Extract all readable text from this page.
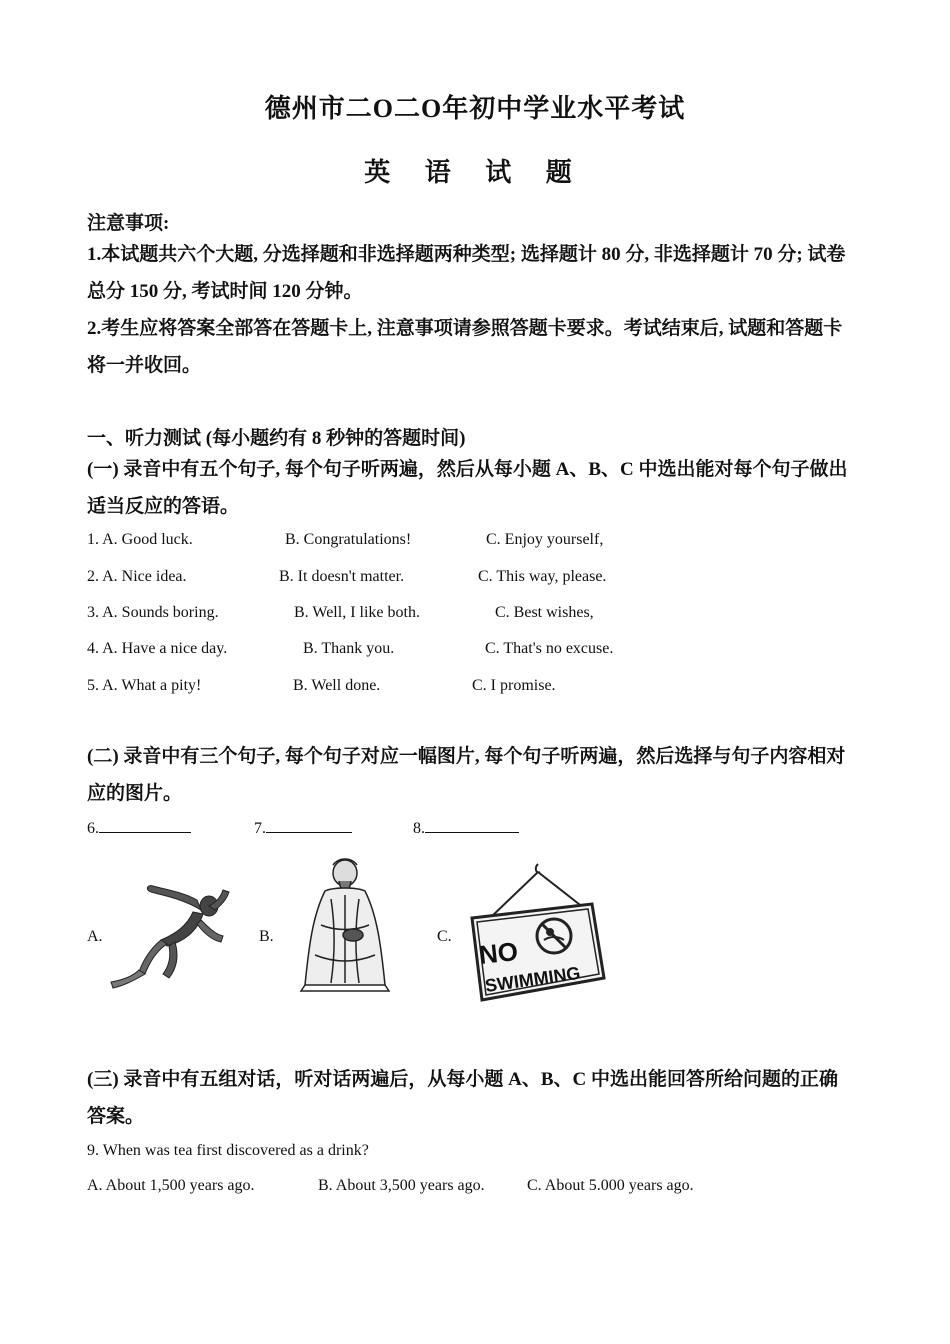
德州市二O二O年初中学业水平考试
英 语 试 题
注意事项:
1.本试题共六个大题, 分选择题和非选择题两种类型; 选择题计 80 分, 非选择题计 70 分; 试卷总分 150 分, 考试时间 120 分钟。
2.考生应将答案全部答在答题卡上, 注意事项请参照答题卡要求。考试结束后, 试题和答题卡将一并收回。
一、听力测试 (每小题约有 8 秒钟的答题时间)
(一) 录音中有五个句子, 每个句子听两遍，然后从每小题 A、B、C 中选出能对每个句子做出适当反应的答语。
1. A. Good luck.	B. Congratulations!	C. Enjoy yourself,
2. A. Nice idea.	B. It doesn't matter.	C. This way, please.
3. A. Sounds boring.	B. Well, I like both.	C. Best wishes,
4. A. Have a nice day.	B. Thank you.	C. That's no excuse.
5. A. What a pity!	B. Well done.	C. I promise.
(二) 录音中有三个句子, 每个句子对应一幅图片, 每个句子听两遍，然后选择与句子内容相对应的图片。
6.	7.	8.
A.	B.	C. NO
SWIMMING
(三) 录音中有五组对话，听对话两遍后，从每小题 A、B、C 中选出能回答所给问题的正确答案。
9. When was tea first discovered as a drink?
A. About 1,500 years ago.	B. About 3,500 years ago.	C. About 5.000 years ago.
